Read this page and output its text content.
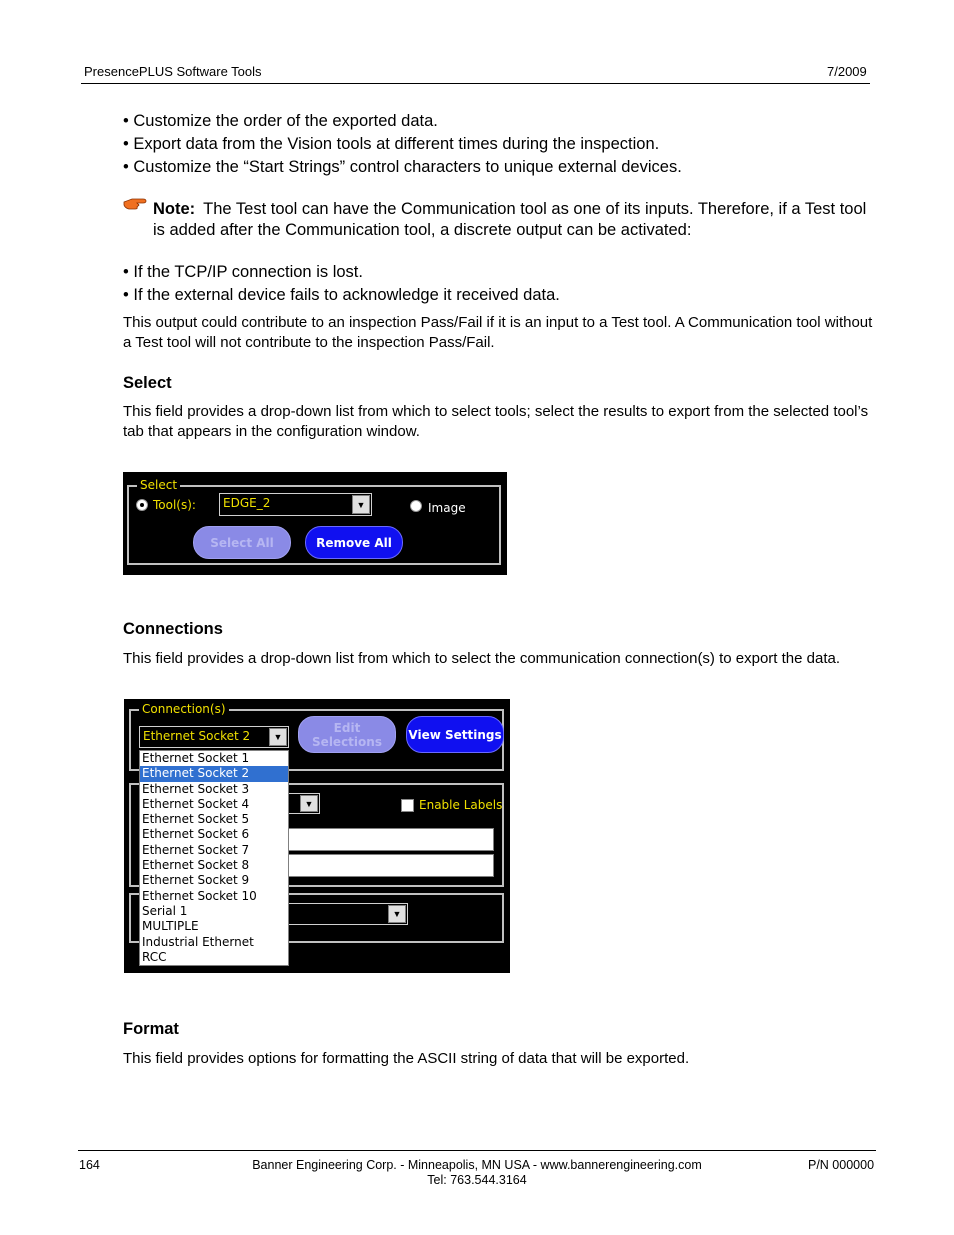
PresencePLUS Software Tools	7/2009
• Customize the order of the exported data.
• Export data from the Vision tools at different times during the inspection.
• Customize the “Start Strings” control characters to unique external devices.
Note: The Test tool can have the Communication tool as one of its inputs. Therefore, if a Test tool is added after the Communication tool, a discrete output can be activated:
• If the TCP/IP connection is lost.
• If the external device fails to acknowledge it received data.
This output could contribute to an inspection Pass/Fail if it is an input to a Test tool. A Communication tool without a Test tool will not contribute to the inspection Pass/Fail.
Select
This field provides a drop-down list from which to select tools; select the results to export from the selected tool’s tab that appears in the configuration window.
Select
Tool(s): EDGE_2	▼	Image
Select All	Remove All
Connections
This field provides a drop-down list from which to select the communication connection(s) to export the data.
Connection(s)
Ethernet Socket 2	▼
Edit Selections	View Settings
▼	Enable Labels
▼
Ethernet Socket 1
Ethernet Socket 2
Ethernet Socket 3
Ethernet Socket 4
Ethernet Socket 5
Ethernet Socket 6
Ethernet Socket 7
Ethernet Socket 8
Ethernet Socket 9
Ethernet Socket 10
Serial 1
MULTIPLE
Industrial Ethernet
RCC
Format
This field provides options for formatting the ASCII string of data that will be exported.
164	Banner Engineering Corp. - Minneapolis, MN USA - www.bannerengineering.com
Tel: 763.544.3164
P/N 000000
